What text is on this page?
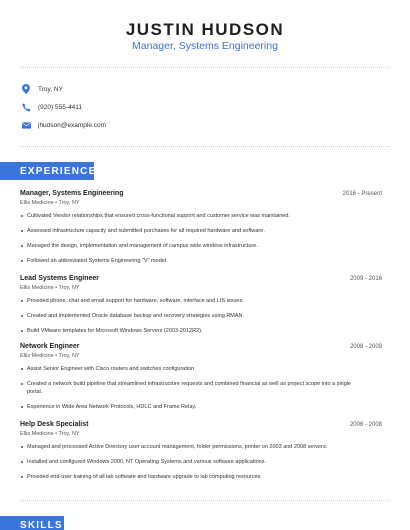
JUSTIN HUDSON
Manager, Systems Engineering
Troy, NY
(920) 555-4411
jhudson@example.com
EXPERIENCE
Manager, Systems Engineering	2016 - Present
Ellis Medicine • Troy, NY
Cultivated Vendor relationships that ensured cross-functional support and customer service was maintained.
Assessed infrastructure capacity and submitted purchases for all required hardware and software.
Managed the design, implementation and management of campus wide wireless infrastructure.
Followed an abbreviated Systems Engineering "V" model.
Lead Systems Engineer	2009 - 2016
Ellis Medicine • Troy, NY
Provided phone, chat and email support for hardware, software, interface and LIS issues.
Created and implemented Oracle database backup and recovery strategies using RMAN.
Build VMware templates for Microsoft Windows Servers (2003-2012R2).
Network Engineer	2008 - 2009
Ellis Medicine • Troy, NY
Assist Senior Engineer with Cisco routers and switches configuration.
Created a network build pipeline that streamlined infrastructure requests and combined financial as well as project scope into a single portal.
Experience in Wide Area Network Protocols, HDLC and Frame Relay.
Help Desk Specialist	2006 - 2008
Ellis Medicine • Troy, NY
Managed and processed Active Directory user account management, folder permissions, printer on 2003 and 2008 servers.
Installed and configured Windows 2000, NT Operating Systems and various software applications.
Provided end-user training of all lab software and hardware upgrade to lab computing resources.
SKILLS
